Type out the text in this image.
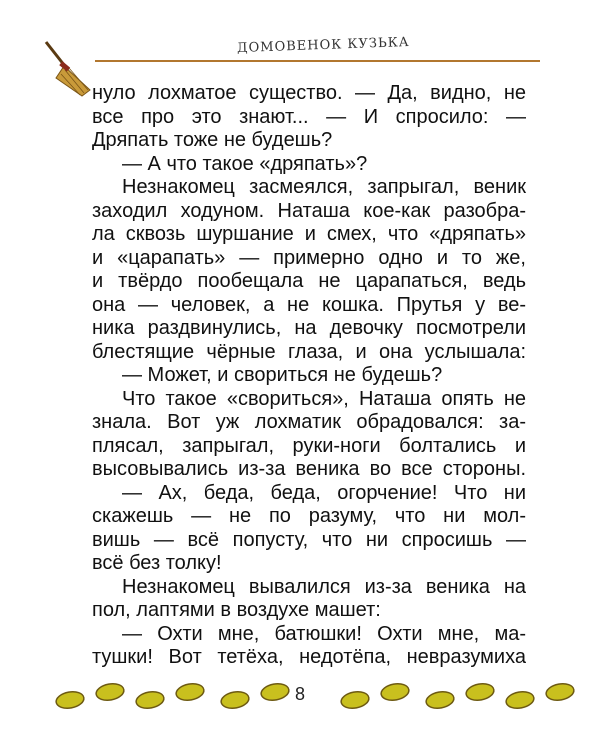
ДОМОВЕНОК КУЗЬКА
нуло лохматое существо. — Да, видно, не
все про это знают... — И спросило: —
Дряпать тоже не будешь?
— А что такое «дряпать»?
Незнакомец засмеялся, запрыгал, веник
заходил ходуном. Наташа кое-как разобра-
ла сквозь шуршание и смех, что «дряпать»
и «царапать» — примерно одно и то же,
и твёрдо пообещала не царапаться, ведь
она — человек, а не кошка. Прутья у ве-
ника раздвинулись, на девочку посмотрели
блестящие чёрные глаза, и она услышала:
— Может, и свориться не будешь?
Что такое «свориться», Наташа опять не
знала. Вот уж лохматик обрадовался: за-
плясал, запрыгал, руки-ноги болтались и
высовывались из-за веника во все стороны.
— Ах, беда, беда, огорчение! Что ни
скажешь — не по разуму, что ни мол-
вишь — всё попусту, что ни спросишь —
всё без толку!
Незнакомец вывалился из-за веника на
пол, лаптями в воздухе машет:
— Охти мне, батюшки! Охти мне, ма-
тушки! Вот тетёха, недотёпа, невразумиха
8
